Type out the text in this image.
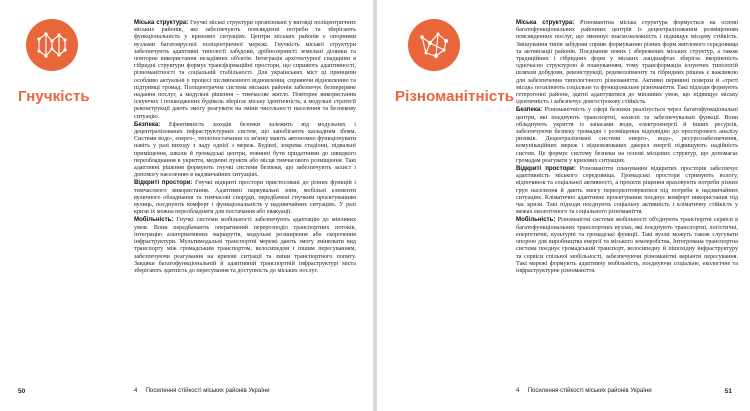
Гнучкість

Міська структура: Гнучкі міські структури організовані у вигляді поліцентричних міських районів, які забезпечують повсякденні потреби та зберігають функціональність у кризових ситуаціях. Центри міських районів є опорними вузлами багатоярусної поліцентричної мережі. Гнучкість міської структури забезпечують адаптивні типології забудови, дрібнозернисті земельні ділянки та повторне використання незадіяних об'єктів. Інтеграція архітектурної спадщини в гібридні структури формує трансформаційні простори, що сприяють адаптивності, різноманітності та соціальній стабільності. Для українських міст ці принципи особливо актуальні у процесі післявоєнного відновлення, сприяючи відновленню та підтримці громад. Поліцентрична система міських районів забезпечує безперервне надання послуг, а модульні рішення – тимчасове житло. Повторне використання існуючих і пошкоджених будівель зберігає міську ідентичність, а модульні стратегії реконструкції дають змогу реагувати на зміни чисельності населення та безпекову ситуацію.

Безпека: Ефективність заходів безпеки залежить від модульних і децентралізованих інфраструктурних систем, що запобігають каскадним збоям. Системи водо-, енерго-, теплопостачання та зв'язку мають автономно функціонувати навіть у разі виходу з ладу однієї з мереж. Будівлі, зокрема стадіони, підвальні приміщення, школи й громадські центри, повинні бути придатними до швидкого переобладнання в укриття, медичні пункти або місця тимчасового розміщення. Такі адаптивні рішення формують гнучкі системи безпеки, що забезпечують захист і допомогу населенню в надзвичайних ситуаціях.

Відкриті простори: Гнучкі відкриті простори пристосовані до різних функцій і тимчасового використання. Адаптивні паркувальні зони, мобільні елементи вуличного обладнання та тимчасові споруди, передбачені гнучким проєктуванням вулиць, поєднують комфорт і функціональність у надзвичайних ситуаціях. У разі кризи їх можна переобладнати для постачання або евакуації.

Мобільність: Гнучкі системи мобільності забезпечують адаптацію до мінливих умов. Вони передбачають оперативний перерозподіл транспортних потоків, інтеграцію альтернативних маршрутів, модульне розширення або скорочення інфраструктури. Мультимодальні транспортні мережі дають змогу змінювати вид транспорту між громадським транспортом, велосипедом і пішим пересуванням, забезпечуючи реагування на кризові ситуації та зміни транспортного попиту. Завдяки багатофункціональній й адаптивній транспортній інфраструктурі міста зберігають здатність до пересування та доступність до міських послуг.

50	4 Посилення стійкості міських районів України
Різноманітність

Міська структура: Різноманітна міська структура формується на основі багатофункціональних районних центрів із децентралізованим розміщенням повсякденних послуг, що зменшує взаємозалежність і підвищує місцеву стійкість. Змішування типів забудови сприяє формуванню різних форм житлового середовища та активізації районів. Поєднання нових і збережених міських структур, а також традиційних і гібридних форм у міських ландшафтах зберігає вкоріненість одночасно структурою й плануванням, тому трансформація існуючих типологій шляхом добудови, реконструкції, редевелопменту та гібридних рішень є важливою для забезпечення типологічного різноманіття. Активні первинні поверхи й «третi місця» посилюють соціальне та функціональне різноманіття. Такі підходи формують гетерогенні райони, здатні адаптуватися до мінливих умов, що підвищує міську ідентичність і забезпечує довгострокову стійкість.

Безпека: Різноманітність у сфері безпеки реалізується через багатофункціональні центри, які поєднують транспортні, захисні та забезпечувальні функції. Вони обладнують укриття із запасами води, електроенергії й інших ресурсів, забезпечуючи безпеку громадян і розміщення відповідно до просторового аналізу ризиків. Децентралізовані системи енерго-, водо-, ресурсозабезпечення, комунікаційних мереж і відновлюваних джерел енергії підвищують надійність систем. Це формує систему безпеки на основі місцевих структур, що допомагає громадам реагувати у кризових ситуаціях.

Відкриті простори: Різноманіття планування відкритих просторів забезпечує адаптивність міського середовища. Громадські простори стримують вологу, відпочинок та соціальної активності, а проєкти ріщення враховують потреби різних груп населення й дають змогу переорієнтовуватися під потреби в надзвичайних ситуаціях. Кліматично адаптивне проєктування поєднує комфорт використання під час кризи. Такі підходи поєднують соціальну активність і кліматичну стійкість у межах екологічного та соціального різноманіття.

Мобільність: Різноманітні системи мобільності об'єднують транспортні сервіси в багатофункціональних транспортних вузлах, які поєднують транспортні, логістичні, енергетичні, культурні та громадські функції. Такі вузли можуть також слугувати опорою для виробництва енергії та міського землеробства. Інтегрована транспортна система поєднує громадський транспорт, велосипедну й пішохідну інфраструктуру та сервіси спільної мобільності, забезпечуючи різноманітні варіанти пересування. Такі мережі формують адаптивну мобільність, поєднуючи соціальне, екологічне та інфраструктурне різноманіття.

4 Посилення стійкості міських районів України	51
